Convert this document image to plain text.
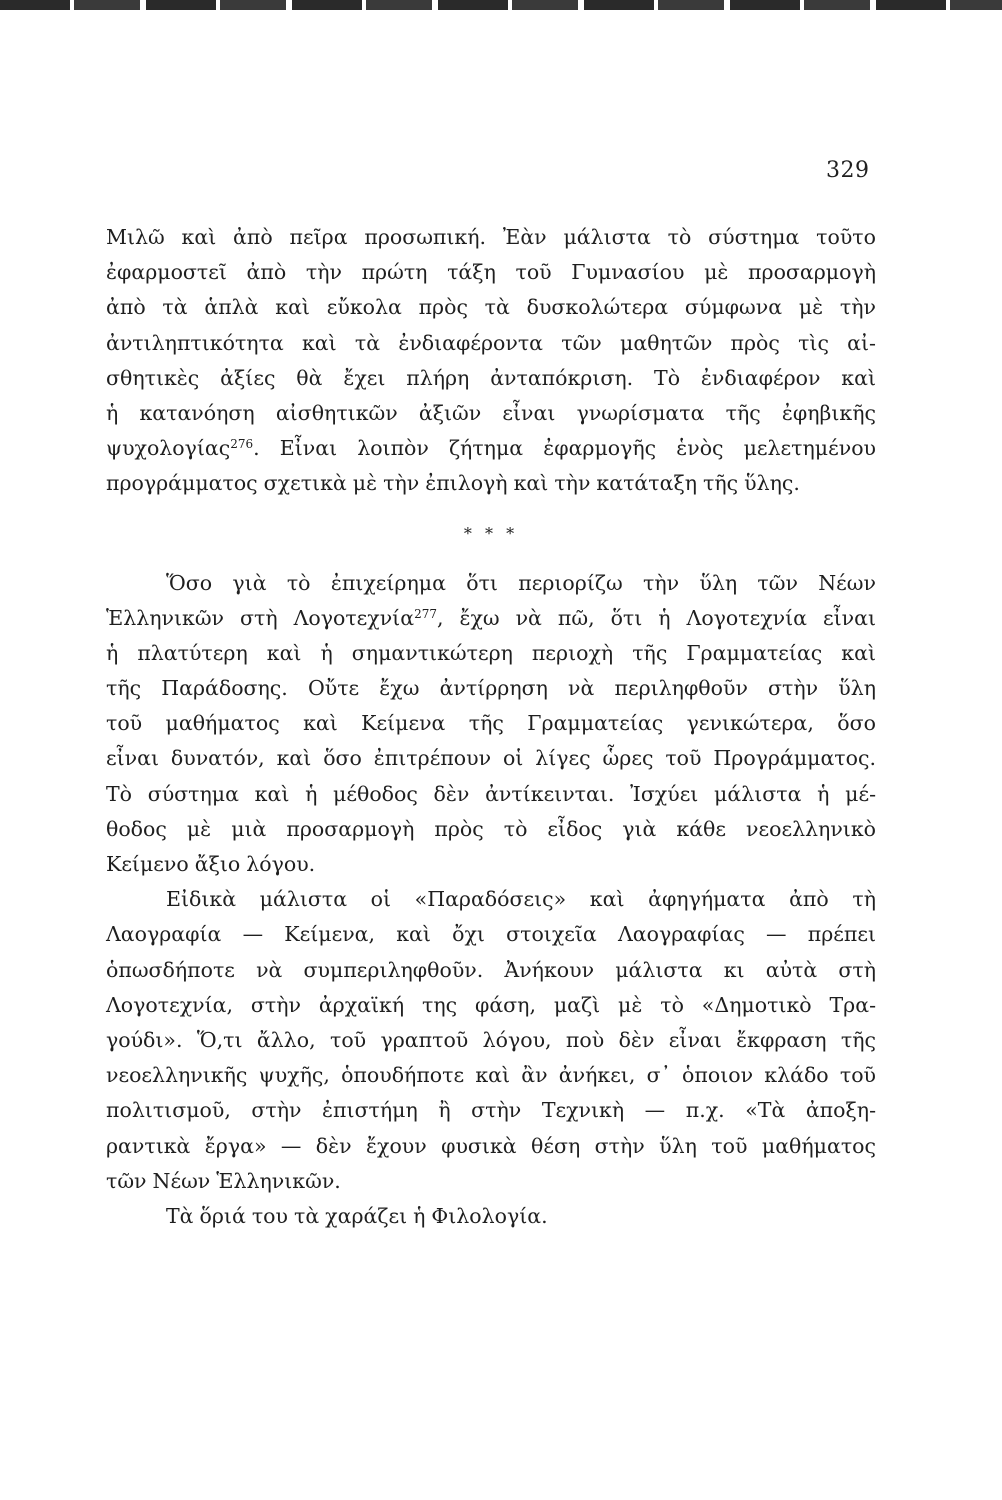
329
Μιλῶ καὶ ἀπὸ πεῖρα προσωπική. Ἐὰν μάλιστα τὸ σύστημα τοῦτο
ἐφαρμοστεῖ ἀπὸ τὴν πρώτη τάξη τοῦ Γυμνασίου μὲ προσαρμογὴ
ἀπὸ τὰ ἁπλὰ καὶ εὔκολα πρὸς τὰ δυσκολώτερα σύμφωνα μὲ τὴν
ἀντιληπτικότητα καὶ τὰ ἐνδιαφέροντα τῶν μαθητῶν πρὸς τὶς αἰ-
σθητικὲς ἀξίες θὰ ἔχει πλήρη ἀνταπόκριση. Τὸ ἐνδιαφέρον καὶ
ἡ κατανόηση αἰσθητικῶν ἀξιῶν εἶναι γνωρίσματα τῆς ἐφηβικῆς
ψυχολογίας$^{276}$. Εἶναι λοιπὸν ζήτημα ἐφαρμογῆς ἑνὸς μελετημένου
προγράμματος σχετικὰ μὲ τὴν ἐπιλογὴ καὶ τὴν κατάταξη τῆς ὕλης.
* * *
Ὅσο γιὰ τὸ ἐπιχείρημα ὅτι περιορίζω τὴν ὕλη τῶν Νέων
Ἑλληνικῶν στὴ Λογοτεχνία$^{277}$, ἔχω νὰ πῶ, ὅτι ἡ Λογοτεχνία εἶναι
ἡ πλατύτερη καὶ ἡ σημαντικώτερη περιοχὴ τῆς Γραμματείας καὶ
τῆς Παράδοσης. Οὔτε ἔχω ἀντίρρηση νὰ περιληφθοῦν στὴν ὕλη
τοῦ μαθήματος καὶ Κείμενα τῆς Γραμματείας γενικώτερα, ὅσο
εἶναι δυνατόν, καὶ ὅσο ἐπιτρέπουν οἱ λίγες ὧρες τοῦ Προγράμματος.
Τὸ σύστημα καὶ ἡ μέθοδος δὲν ἀντίκεινται. Ἰσχύει μάλιστα ἡ μέ-
θοδος μὲ μιὰ προσαρμογὴ πρὸς τὸ εἶδος γιὰ κάθε νεοελληνικὸ
Κείμενο ἄξιο λόγου.
Εἰδικὰ μάλιστα οἱ «Παραδόσεις» καὶ ἀφηγήματα ἀπὸ τὴ
Λαογραφία — Κείμενα, καὶ ὄχι στοιχεῖα Λαογραφίας — πρέπει
ὁπωσδήποτε νὰ συμπεριληφθοῦν. Ἀνήκουν μάλιστα κι αὐτὰ στὴ
Λογοτεχνία, στὴν ἀρχαϊκή της φάση, μαζὶ μὲ τὸ «Δημοτικὸ Τρα-
γούδι». Ὅ,τι ἄλλο, τοῦ γραπτοῦ λόγου, ποὺ δὲν εἶναι ἔκφραση τῆς
νεοελληνικῆς ψυχῆς, ὁπουδήποτε καὶ ἂν ἀνήκει, σ᾽ ὁποιον κλάδο τοῦ
πολιτισμοῦ, στὴν ἐπιστήμη ἢ στὴν Τεχνικὴ — π.χ. «Τὰ ἀποξη-
ραντικὰ ἔργα» — δὲν ἔχουν φυσικὰ θέση στὴν ὕλη τοῦ μαθήματος
τῶν Νέων Ἑλληνικῶν.
Τὰ ὅριά του τὰ χαράζει ἡ Φιλολογία.
